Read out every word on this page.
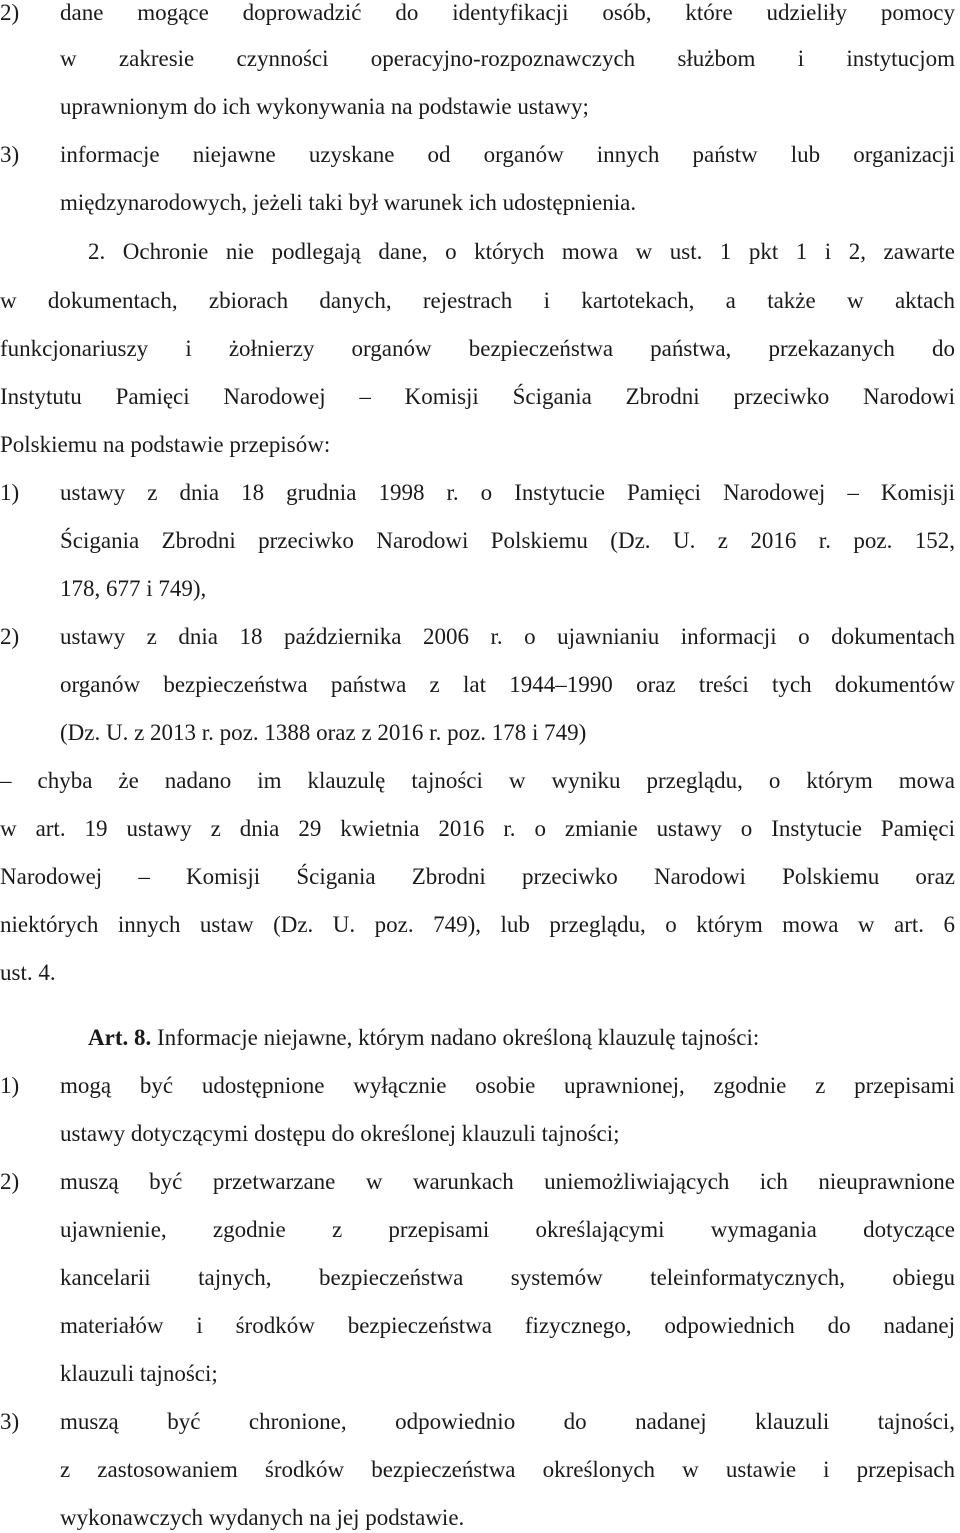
2) dane mogące doprowadzić do identyfikacji osób, które udzieliły pomocy
w zakresie czynności operacyjno-rozpoznawczych służbom i instytucjom
uprawnionym do ich wykonywania na podstawie ustawy;
3) informacje niejawne uzyskane od organów innych państw lub organizacji
międzynarodowych, jeżeli taki był warunek ich udostępnienia.
2. Ochronie nie podlegają dane, o których mowa w ust. 1 pkt 1 i 2, zawarte
w dokumentach, zbiorach danych, rejestrach i kartotekach, a także w aktach
funkcjonariuszy i żołnierzy organów bezpieczeństwa państwa, przekazanych do
Instytutu Pamięci Narodowej – Komisji Ścigania Zbrodni przeciwko Narodowi
Polskiemu na podstawie przepisów:
1) ustawy z dnia 18 grudnia 1998 r. o Instytucie Pamięci Narodowej – Komisji
Ścigania Zbrodni przeciwko Narodowi Polskiemu (Dz. U. z 2016 r. poz. 152,
178, 677 i 749),
2) ustawy z dnia 18 października 2006 r. o ujawnianiu informacji o dokumentach
organów bezpieczeństwa państwa z lat 1944–1990 oraz treści tych dokumentów
(Dz. U. z 2013 r. poz. 1388 oraz z 2016 r. poz. 178 i 749)
– chyba że nadano im klauzulę tajności w wyniku przeglądu, o którym mowa
w art. 19 ustawy z dnia 29 kwietnia 2016 r. o zmianie ustawy o Instytucie Pamięci
Narodowej – Komisji Ścigania Zbrodni przeciwko Narodowi Polskiemu oraz
niektórych innych ustaw (Dz. U. poz. 749), lub przeglądu, o którym mowa w art. 6
ust. 4.
Art. 8. Informacje niejawne, którym nadano określoną klauzulę tajności:
1) mogą być udostępnione wyłącznie osobie uprawnionej, zgodnie z przepisami
ustawy dotyczącymi dostępu do określonej klauzuli tajności;
2) muszą być przetwarzane w warunkach uniemożliwiających ich nieuprawnione
ujawnienie, zgodnie z przepisami określającymi wymagania dotyczące
kancelarii tajnych, bezpieczeństwa systemów teleinformatycznych, obiegu
materiałów i środków bezpieczeństwa fizycznego, odpowiednich do nadanej
klauzuli tajności;
3) muszą być chronione, odpowiednio do nadanej klauzuli tajności,
z zastosowaniem środków bezpieczeństwa określonych w ustawie i przepisach
wykonawczych wydanych na jej podstawie.
